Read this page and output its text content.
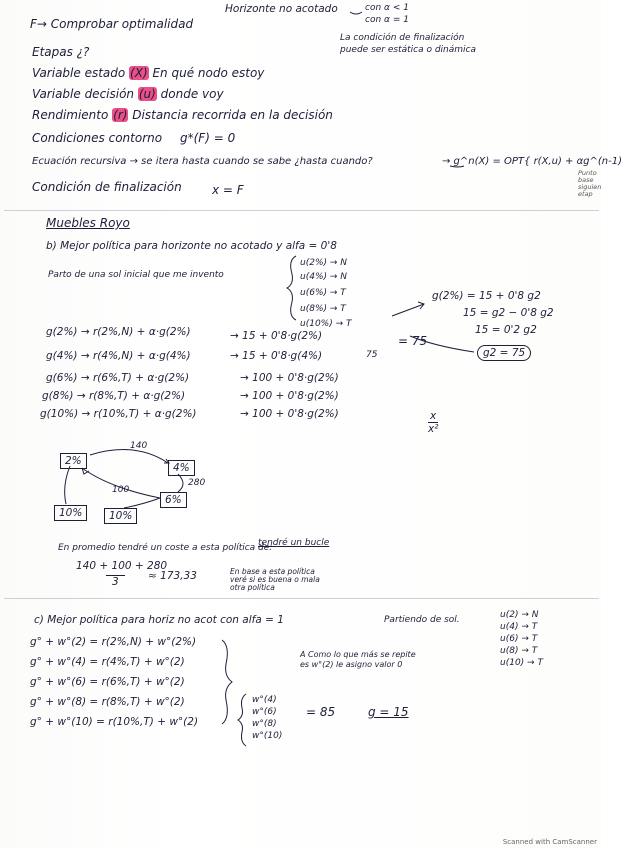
Horizonte no acotado	con α < 1
con α = 1
La condición de finalización
puede ser estática o dinámica
F→ Comprobar optimalidad
Etapas ¿?
Variable estado (X) En qué nodo estoy
Variable decisión (u) donde voy
Rendimiento (r) Distancia recorrida en la decisión
Condiciones contorno g*(F) = 0
Ecuación recursiva → se itera hasta cuando se sabe ¿hasta cuando?	→ g^n(X) = OPT{ r(X,u) + αg^(n-1)
Punto
base
siguien
etap
Condición de finalización	x = F
Muebles Royo
b) Mejor política para horizonte no acotado y alfa = 0'8
Parto de una sol inicial que me invento
u(2%) → N
u(4%) → N
u(6%) → T
u(8%) → T
u(10%) → T
g(2%) = 15 + 0'8 g2
15 = g2 − 0'8 g2
15 = 0'2 g2
g2 = 75
g(2%) → r(2%,N) + α·g(2%)	→ 15 + 0'8·g(2%)	= 75
g(4%) → r(4%,N) + α·g(4%)	→ 15 + 0'8·g(4%)	75
g(6%) → r(6%,T) + α·g(2%)	→ 100 + 0'8·g(2%)
g(8%) → r(8%,T) + α·g(2%)	→ 100 + 0'8·g(2%)
g(10%) → r(10%,T) + α·g(2%)	→ 100 + 0'8·g(2%)	x
x²
2%
4%
6%
10%	10%
140
100
280
En promedio tendré un coste a esta política de:
tendré un bucle
140 + 100 + 280
3	≈ 173,33	En base a esta política
veré si es buena o mala
otra política
c) Mejor política para horiz no acot con alfa = 1	Partiendo de sol.	u(2) → N
u(4) → T
u(6) → T
u(8) → T
u(10) → T
g° + w°(2) = r(2%,N) + w°(2%)
g° + w°(4) = r(4%,T) + w°(2)
g° + w°(6) = r(6%,T) + w°(2)
g° + w°(8) = r(8%,T) + w°(2)
g° + w°(10) = r(10%,T) + w°(2)
A Como lo que más se repite
es w°(2) le asigno valor 0
w°(4)
w°(6)
w°(8)
w°(10)
= 85	g = 15
Scanned with CamScanner
